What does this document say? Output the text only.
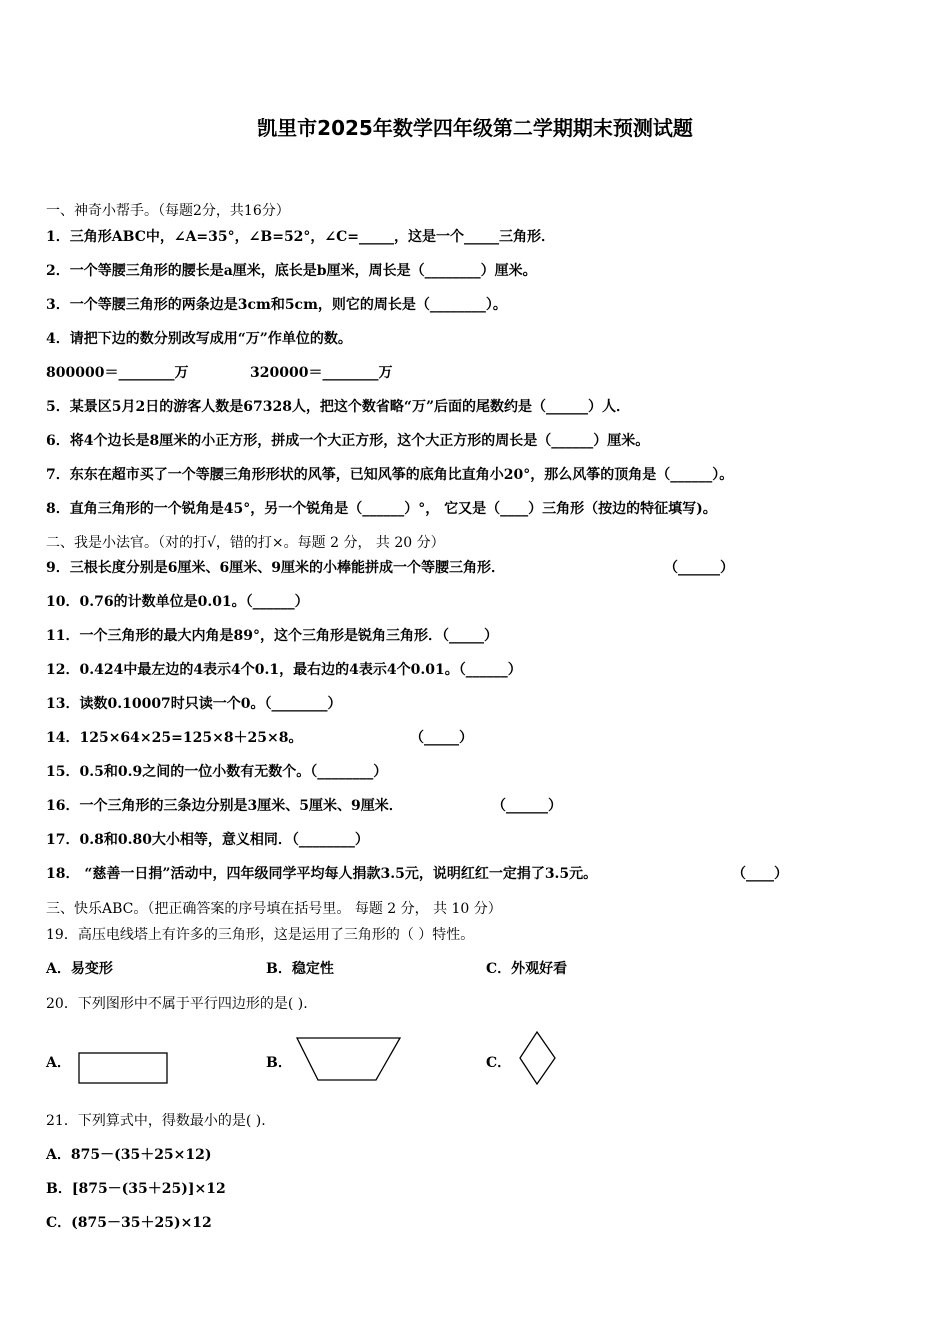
凯里市2025年数学四年级第二学期期末预测试题
一、神奇小帮手。（每题2分，共16分）
1．三角形ABC中，∠A=35°，∠B=52°，∠C=_____，这是一个_____三角形．
2．一个等腰三角形的腰长是a厘米，底长是b厘米，周长是（________）厘米。
3．一个等腰三角形的两条边是3cm和5cm，则它的周长是（________）。
4．请把下边的数分别改写成用“万”作单位的数。
800000＝________万	320000＝________万
5．某景区5月2日的游客人数是67328人，把这个数省略“万”后面的尾数约是（______）人．
6．将4个边长是8厘米的小正方形，拼成一个大正方形，这个大正方形的周长是（______）厘米。
7．东东在超市买了一个等腰三角形形状的风筝，已知风筝的底角比直角小20°，那么风筝的顶角是（______）。
8．直角三角形的一个锐角是45°，另一个锐角是（______）°， 它又是（____）三角形（按边的特征填写)。
二、我是小法官。（对的打√，错的打×。每题 2 分， 共 20 分）
9．三根长度分别是6厘米、6厘米、9厘米的小棒能拼成一个等腰三角形．	（______）
10．0.76的计数单位是0.01。（______）
11．一个三角形的最大内角是89°，这个三角形是锐角三角形．（_____）
12．0.424中最左边的4表示4个0.1，最右边的4表示4个0.01。（______）
13．读数0.10007时只读一个0。（________）
14．125×64×25=125×8＋25×8。	（_____）
15．0.5和0.9之间的一位小数有无数个。（________）
16．一个三角形的三条边分别是3厘米、5厘米、9厘米．	（______）
17．0.8和0.80大小相等，意义相同．（________）
18． “慈善一日捐”活动中，四年级同学平均每人捐款3.5元，说明红红一定捐了3.5元。	（____）
三、快乐ABC。（把正确答案的序号填在括号里。 每题 2 分， 共 10 分）
19．高压电线塔上有许多的三角形，这是运用了三角形的（ ）特性。
A．易变形	B．稳定性	C．外观好看
20．下列图形中不属于平行四边形的是( ).
A．	B．	C．
21．下列算式中，得数最小的是( ).
A．875－(35＋25×12)
B．[875－(35＋25)]×12
C．(875－35＋25)×12
